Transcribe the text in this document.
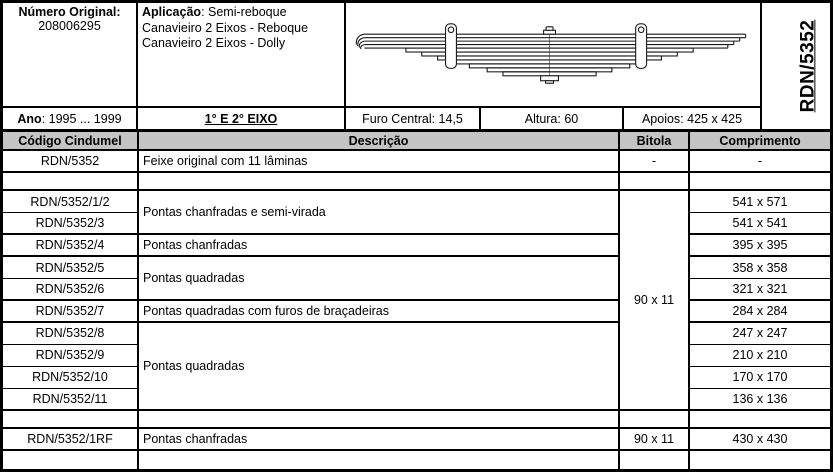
Número Original:
208006295
Aplicação: Semi-reboque
Canavieiro 2 Eixos - Reboque
Canavieiro 2 Eixos - Dolly	RDN/5352
Ano: 1995 ... 1999	1° E 2° EIXO	Furo Central: 14,5	Altura: 60	Apoios: 425 x 425
Código Cindumel	Descrição	Bitola	Comprimento
RDN/5352	Feixe original com 11 lâminas	-	-

RDN/5352/1/2	Pontas chanfradas e semi-virada	90 x 11	541 x 571
RDN/5352/3			541 x 541
RDN/5352/4	Pontas chanfradas		395 x 395
RDN/5352/5	Pontas quadradas		358 x 358
RDN/5352/6			321 x 321
RDN/5352/7	Pontas quadradas com furos de braçadeiras		284 x 284
RDN/5352/8	Pontas quadradas		247 x 247
RDN/5352/9			210 x 210
RDN/5352/10			170 x 170
RDN/5352/11			136 x 136

RDN/5352/1RF	Pontas chanfradas	90 x 11	430 x 430
